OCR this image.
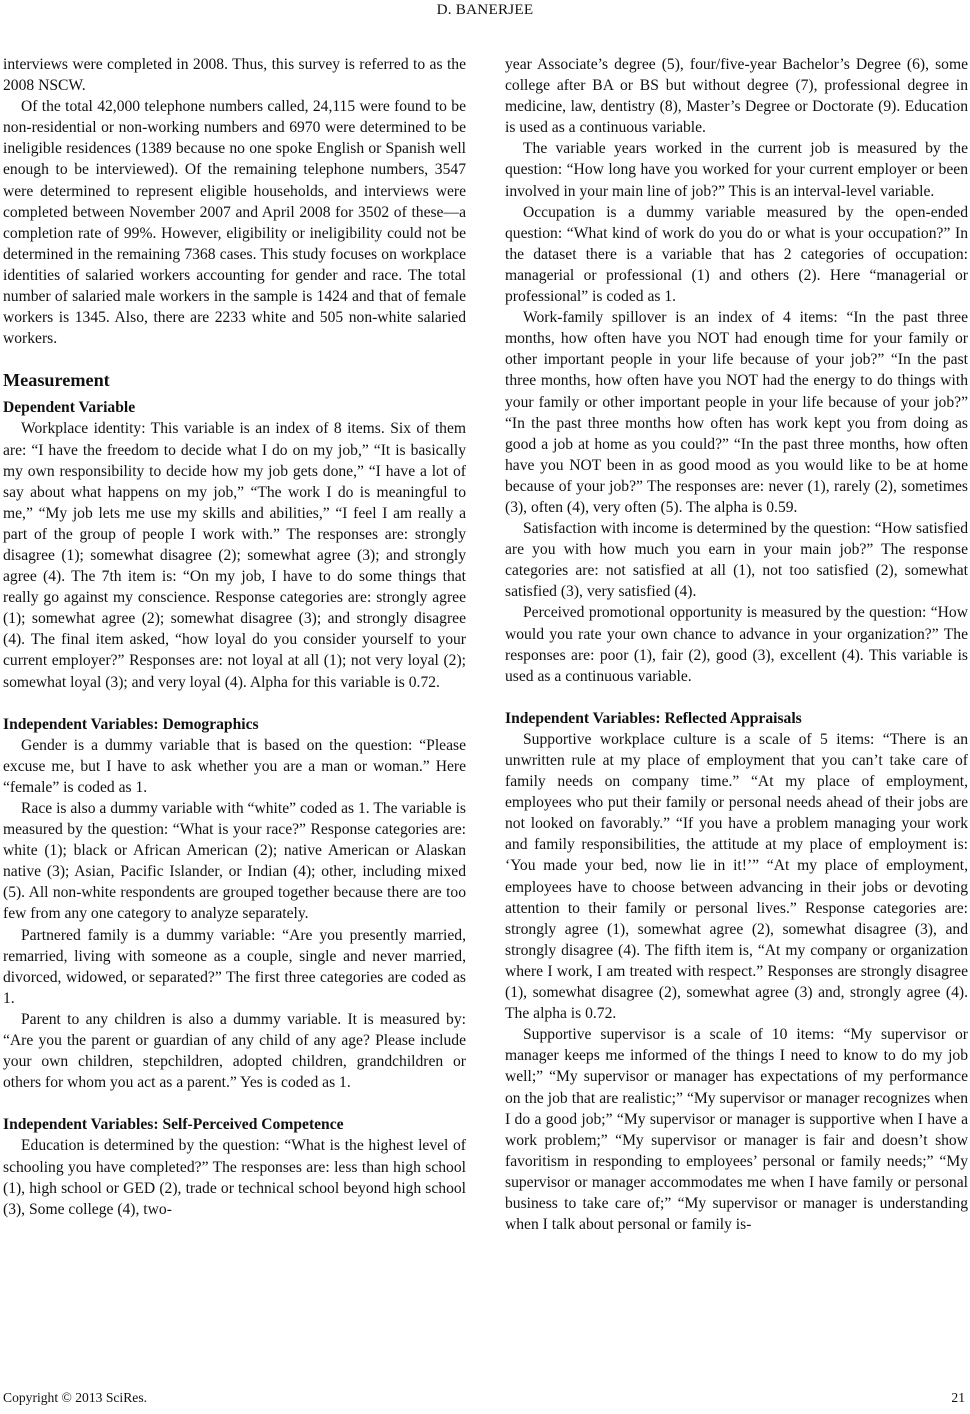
D. BANERJEE

interviews were completed in 2008. Thus, this survey is referred to as the 2008 NSCW.

Of the total 42,000 telephone numbers called, 24,115 were found to be non-residential or non-working numbers and 6970 were determined to be ineligible residences (1389 because no one spoke English or Spanish well enough to be interviewed). Of the remaining telephone numbers, 3547 were determined to represent eligible households, and interviews were completed between November 2007 and April 2008 for 3502 of these—a completion rate of 99%. However, eligibility or ineligibility could not be determined in the remaining 7368 cases. This study focuses on workplace identities of salaried workers accounting for gender and race. The total number of salaried male workers in the sample is 1424 and that of female workers is 1345. Also, there are 2233 white and 505 non-white salaried workers.

Measurement
Dependent Variable

Workplace identity: This variable is an index of 8 items. Six of them are: “I have the freedom to decide what I do on my job,” “It is basically my own responsibility to decide how my job gets done,” “I have a lot of say about what happens on my job,” “The work I do is meaningful to me,” “My job lets me use my skills and abilities,” “I feel I am really a part of the group of people I work with.” The responses are: strongly disagree (1); somewhat disagree (2); somewhat agree (3); and strongly agree (4). The 7th item is: “On my job, I have to do some things that really go against my conscience. Response categories are: strongly agree (1); somewhat agree (2); somewhat disagree (3); and strongly disagree (4). The final item asked, “how loyal do you consider yourself to your current employer?” Responses are: not loyal at all (1); not very loyal (2); somewhat loyal (3); and very loyal (4). Alpha for this variable is 0.72.

Independent Variables: Demographics

Gender is a dummy variable that is based on the question: “Please excuse me, but I have to ask whether you are a man or woman.” Here “female” is coded as 1.

Race is also a dummy variable with “white” coded as 1. The variable is measured by the question: “What is your race?” Response categories are: white (1); black or African American (2); native American or Alaskan native (3); Asian, Pacific Islander, or Indian (4); other, including mixed (5). All non-white respondents are grouped together because there are too few from any one category to analyze separately.

Partnered family is a dummy variable: “Are you presently married, remarried, living with someone as a couple, single and never married, divorced, widowed, or separated?” The first three categories are coded as 1.

Parent to any children is also a dummy variable. It is measured by: “Are you the parent or guardian of any child of any age? Please include your own children, stepchildren, adopted children, grandchildren or others for whom you act as a parent.” Yes is coded as 1.

Independent Variables: Self-Perceived Competence

Education is determined by the question: “What is the highest level of schooling you have completed?” The responses are: less than high school (1), high school or GED (2), trade or technical school beyond high school (3), Some college (4), two-

year Associate’s degree (5), four/five-year Bachelor’s Degree (6), some college after BA or BS but without degree (7), professional degree in medicine, law, dentistry (8), Master’s Degree or Doctorate (9). Education is used as a continuous variable.

The variable years worked in the current job is measured by the question: “How long have you worked for your current employer or been involved in your main line of job?” This is an interval-level variable.

Occupation is a dummy variable measured by the open-ended question: “What kind of work do you do or what is your occupation?” In the dataset there is a variable that has 2 categories of occupation: managerial or professional (1) and others (2). Here “managerial or professional” is coded as 1.

Work-family spillover is an index of 4 items: “In the past three months, how often have you NOT had enough time for your family or other important people in your life because of your job?” “In the past three months, how often have you NOT had the energy to do things with your family or other important people in your life because of your job?” “In the past three months how often has work kept you from doing as good a job at home as you could?” “In the past three months, how often have you NOT been in as good mood as you would like to be at home because of your job?” The responses are: never (1), rarely (2), sometimes (3), often (4), very often (5). The alpha is 0.59.

Satisfaction with income is determined by the question: “How satisfied are you with how much you earn in your main job?” The response categories are: not satisfied at all (1), not too satisfied (2), somewhat satisfied (3), very satisfied (4).

Perceived promotional opportunity is measured by the question: “How would you rate your own chance to advance in your organization?” The responses are: poor (1), fair (2), good (3), excellent (4). This variable is used as a continuous variable.

Independent Variables: Reflected Appraisals

Supportive workplace culture is a scale of 5 items: “There is an unwritten rule at my place of employment that you can’t take care of family needs on company time.” “At my place of employment, employees who put their family or personal needs ahead of their jobs are not looked on favorably.” “If you have a problem managing your work and family responsibilities, the attitude at my place of employment is: ‘You made your bed, now lie in it!’” “At my place of employment, employees have to choose between advancing in their jobs or devoting attention to their family or personal lives.” Response categories are: strongly agree (1), somewhat agree (2), somewhat disagree (3), and strongly disagree (4). The fifth item is, “At my company or organization where I work, I am treated with respect.” Responses are strongly disagree (1), somewhat disagree (2), somewhat agree (3) and, strongly agree (4). The alpha is 0.72.

Supportive supervisor is a scale of 10 items: “My supervisor or manager keeps me informed of the things I need to know to do my job well;” “My supervisor or manager has expectations of my performance on the job that are realistic;” “My supervisor or manager recognizes when I do a good job;” “My supervisor or manager is supportive when I have a work problem;” “My supervisor or manager is fair and doesn’t show favoritism in responding to employees’ personal or family needs;” “My supervisor or manager accommodates me when I have family or personal business to take care of;” “My supervisor or manager is understanding when I talk about personal or family is-

Copyright © 2013 SciRes.	21
